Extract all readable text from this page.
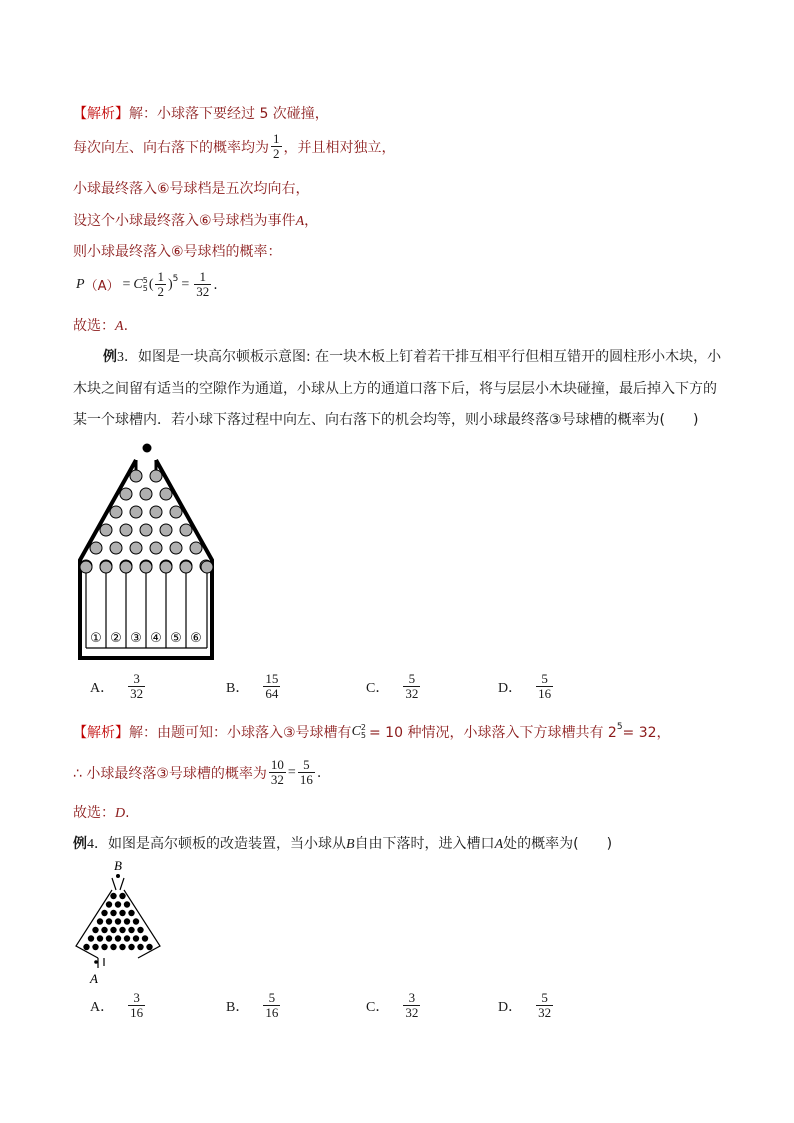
【解析】解：小球落下要经过 5 次碰撞，
每次向左、向右落下的概率均为 $\frac{1}{2}$ ，并且相对独立，
小球最终落入⑥号球档是五次均向右，
设这个小球最终落入⑥号球档为事件A，
则小球最终落入⑥号球档的概率：
P （A） = C 5
5 ( $\frac{1}{2} )^5 = \frac{1}{32}$ .
故选：A.
例3．如图是一块高尔顿板示意图: 在一块木板上钉着若干排互相平行但相互错开的圆柱形小木块，小
木块之间留有适当的空隙作为通道，小球从上方的通道口落下后，将与层层小木块碰撞，最后掉入下方的
某一个球槽内．若小球下落过程中向左、向右落下的机会均等，则小球最终落③号球槽的概率为(　　)
① ② ③ ④ ⑤ ⑥
A． $\frac{3}{32}$	B． $\frac{15}{64}$	C． $\frac{5}{32}$	D． $\frac{5}{16}$
【解析】 解：由题可知：小球落入③号球槽有 C 2
5 = 10 种情况，小球落入下方球槽共有 $2^5 = 32$，
∴ 小球最终落③号球槽的概率为 $\frac{10}{32} = \frac{5}{16}$ .
故选：D.
例4．如图是高尔顿板的改造装置，当小球从B自由下落时，进入槽口A处的概率为(　　)
B
A
A． $\frac{3}{16}$	B． $\frac{5}{16}$	C． $\frac{3}{32}$	D． $\frac{5}{32}$
